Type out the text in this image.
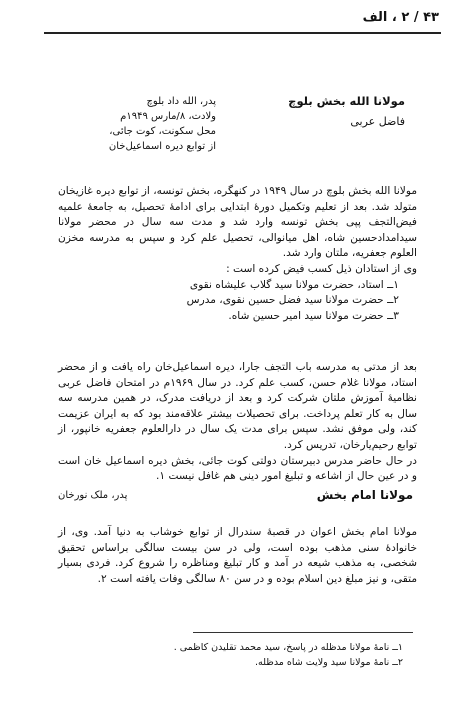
۴۳ / ۲ ، الف
مولانا الله بخش بلوچ
فاضل عربی
پدر، الله داد بلوچ
ولادت، ۸/مارس ۱۹۴۹م
محل سکونت، کوت جائی،
از توابع دیره اسماعیل‌خان
مولانا الله بخش بلوچ در سال ۱۹۴۹ در کنهگره، بخش تونسه، از توابع دیره غازیخان متولد شد. بعد از تعلیم وتکمیل دورهٔ ابتدایی برای ادامهٔ تحصیل، به جامعهٔ علمیه فیض‌التجف پپی بخش تونسه وارد شد و مدت سه سال در محضر مولانا سیدامدادحسین شاه، اهل میانوالی، تحصیل علم کرد و سپس به مدرسه مخزن العلوم جعفریه، ملتان وارد شد.
وی از استادان ذیل کسب فیض کرده است :
۱ــ استاد، حضرت مولانا سید گلاب علیشاه نقوی
۲ــ حضرت مولانا سید فضل حسین نقوی، مدرس
۳ــ حضرت مولانا سید امیر حسین شاه.
بعد از مدتی به مدرسه باب التجف جارا، دیره اسماعیل‌خان راه یافت و از محضر استاد، مولانا غلام حسن، کسب علم کرد. در سال ۱۹۶۹م در امتحان فاضل عربی نظامیهٔ آموزش ملتان شرکت کرد و بعد از دریافت مدرک، در همین مدرسه سه سال به کار تعلم پرداخت. برای تحصیلات بیشتر علاقه‌مند بود که به ایران عزیمت کند، ولی موفق نشد. سپس برای مدت یک سال در دارالعلوم جعفریه خانپور، از توابع رحیم‌یارخان، تدریس کرد.
در حال حاضر مدرس دبیرستان دولتی کوت جائی، بخش دیره اسماعیل خان است و در عین حال از اشاعه و تبلیغ امور دینی هم غافل نیست ۱.
مولانا امام بخش
پدر، ملک نورخان
مولانا امام بخش اعوان در قصبهٔ سندرال از توابع خوشاب به دنیا آمد. وی، از خانوادهٔ سنی مذهب بوده است، ولی در سن بیست سالگی براساس تحقیق شخصی، به مذهب شیعه در آمد و کار تبلیغ ومناظره را شروع کرد. فردی بسیار متقی، و نیز مبلغ دین اسلام بوده و در سن ۸۰ سالگی وفات یافته است ۲.
۱ــ نامهٔ مولانا مدظله در پاسخ، سید محمد تقلیدن کاظمی .
۲ــ نامهٔ مولانا سید ولایت شاه مدظله.
